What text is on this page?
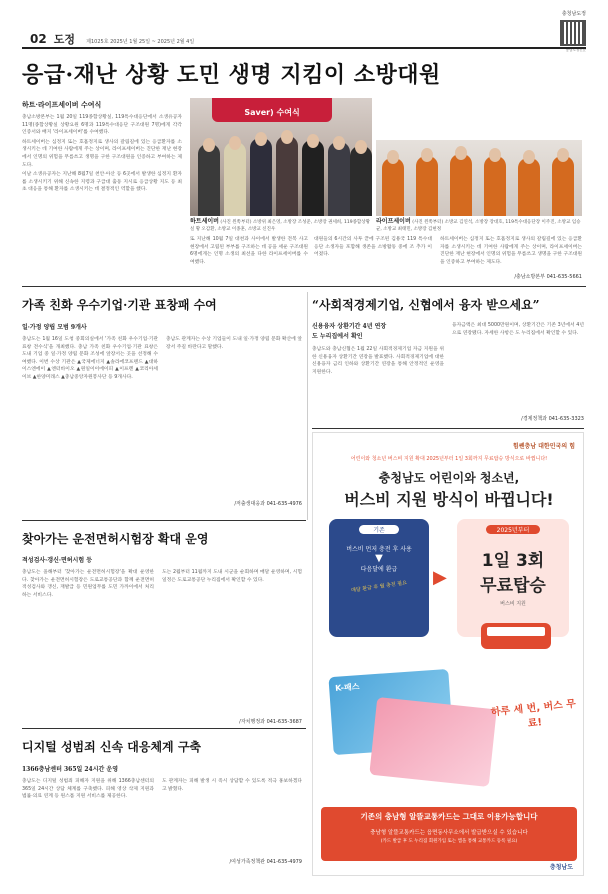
02 도정 제1025호 2025년 1월 25일 ~ 2025년 2월 4일
충청남도정
충남도정신문
응급·재난 상황 도민 생명 지킴이 소방대원
하트·라이프세이버 수여식

충남소방본부는 1월 20일 119종합상황실, 119특수대응단에서 소생유공자 11명(종합상황실 상황요원 6명과 119특수대응단 구조대원 7명)에게 각각 인증서와 배지 '라이프세이버'를 수여했다.

하트세이버는 심정지 또는 호흡정지로 생사의 갈림길에 있는 응급환자를 소생시키는 데 기여한 사람에게 주는 상이며, 라이프세이버는 진단한 재난 현장에서 인명의 위험을 무릅쓰고 생명을 구한 구조대원을 인증하고 부여하는 제도다.

이날 소생유공자는 지난해 8월7일 천안·아산 등 6곳에서 발생한 심정지 환자를 소생시키기 위해 신속한 지령과 구급대 출동 지시로 응급상황 지도 등 최초 대응을 통해 환자를 소생시키는 데 결정적인 역할을 했다.

Saver) 수여식
하트세이버 (사진 왼쪽부터) 소방위 최은영, 소방장 조성준, 소방장 권세희, 119종합상황실 황 오감환, 소방교 이종훈, 소방교 신진우
라이프세이버 (사진 왼쪽부터) 소방교 김연석, 소방장 장대호, 119특수대응단장 이주진, 소방교 임승균, 소방교 최태민, 소방장 김현정
또 지난해 10월 7일 대천과 사이에서 발생한 전복 사고 현장에서 고립된 부부를 구조하는 데 공을 세운 구조대원 6명에게는 인명 소생의 최선을 다한 라이프세이버를 수여했다.
대원들의 6시간의 사투 끝에 구조된 김용국 119 특수대응단 소생자들 포함해 생존을 소방활동 중에 조 추가 이어졌다.
하트세이버는 심정지 또는 호흡정지로 생사의 갈림길에 있는 응급환자를 소생시키는 데 기여한 사람에게 주는 상이며, 라이프세이버는 진단한 재난 현장에서 인명의 위험을 무릅쓰고 생명을 구한 구조대원을 인증하고 부여하는 제도다.
/충남소방본부 041-635-5661
가족 친화 우수기업·기관 표창패 수여
일·가정 양립 모범 9개사
충남도는 1월 16일 도청 중회의실에서 '가족 친화 우수기업·기관 표창 전수식'을 개최했다. 충남 가족 친화 우수기업·기관 표창은 도내 기업 중 일·가정 양립 문화 조성에 앞장서는 곳을 선정해 수여했다. 이번 수상 기관은 ▲국제에너지 ▲솔라에코프랜드 ▲대하이스엔에이 ▲엔터바이오 ▲원일이이에이피 ▲이프렌 ▲코리아세이브 ▲한양미래스 ▲충남중앙자원봉사단 등 9개사다.
충남도 관계자는 수상 기업들이 도내 일·가정 양립 문화 확산에 앞장서 주길 바란다고 말했다.
/저출생대응과 041-635-4976
“사회적경제기업, 신협에서 융자 받으세요”
신용융자 상환기간 4년 연장
도 누리집에서 확인
충남도와 충남신협은 1월 22일 사회적경제기업 자금 지원을 위한 신용융자 상환기간 연장을 발표했다. 사회적경제기업에 대한 신용융자 금리 인하와 상환기간 연장을 통해 안정적인 운영을 지원한다.
융자금액은 최대 5000만원이며, 상환기간은 기존 3년에서 4년으로 연장됐다. 자세한 사항은 도 누리집에서 확인할 수 있다.
/경제정책과 041-635-3323
힘쎈충남 대한민국의 힘
어린이와 청소년 버스비 지원 확대 2025년부터 1일 3회까지 무료탑승 방식으로 바뀝니다!
충청남도 어린이와 청소년,
버스비 지원 방식이 바뀝니다!
기존
버스비 먼저 충전 후 사용
▼
다음달에 환급
매달 환급 후 월 충전 필요	▶
2025년부터
1일 3회
무료탑승
버스비 지원
K-패스
하루 세 번, 버스 무료!
기존의 충남형 알뜰교통카드는 그대로 이용가능합니다
충남형 알뜰교통카드는 읍면동사무소에서 발급받으실 수 있습니다
(카드 발급 후 도 누리집 회원가입 또는 앱을 통해 교통카드 등록 필요)
충청남도
찾아가는 운전면허시험장 확대 운영
적성검사·갱신·면허시험 등
충남도는 올해부터 '찾아가는 운전면허시험장'을 확대 운영한다. 찾아가는 운전면허시험장은 도로교통공단과 함께 운전면허 적성검사와 갱신, 재발급 등 민원업무를 도민 가까이에서 처리하는 서비스다.
도는 2월부터 11월까지 도내 시군을 순회하며 매달 운영하며, 시험 일정은 도로교통공단 누리집에서 확인할 수 있다.
/자치행정과 041-635-3687
디지털 성범죄 신속 대응체계 구축
1366충남센터 365일 24시간 운영
충남도는 디지털 성범죄 피해자 지원을 위해 1366충남센터의 365일 24시간 상담 체계를 구축했다. 피해 영상 삭제 지원과 법률·의료 연계 등 원스톱 지원 서비스를 제공한다.
도 관계자는 피해 발생 시 즉시 상담할 수 있도록 적극 홍보하겠다고 밝혔다.
/여성가족정책관 041-635-4979
